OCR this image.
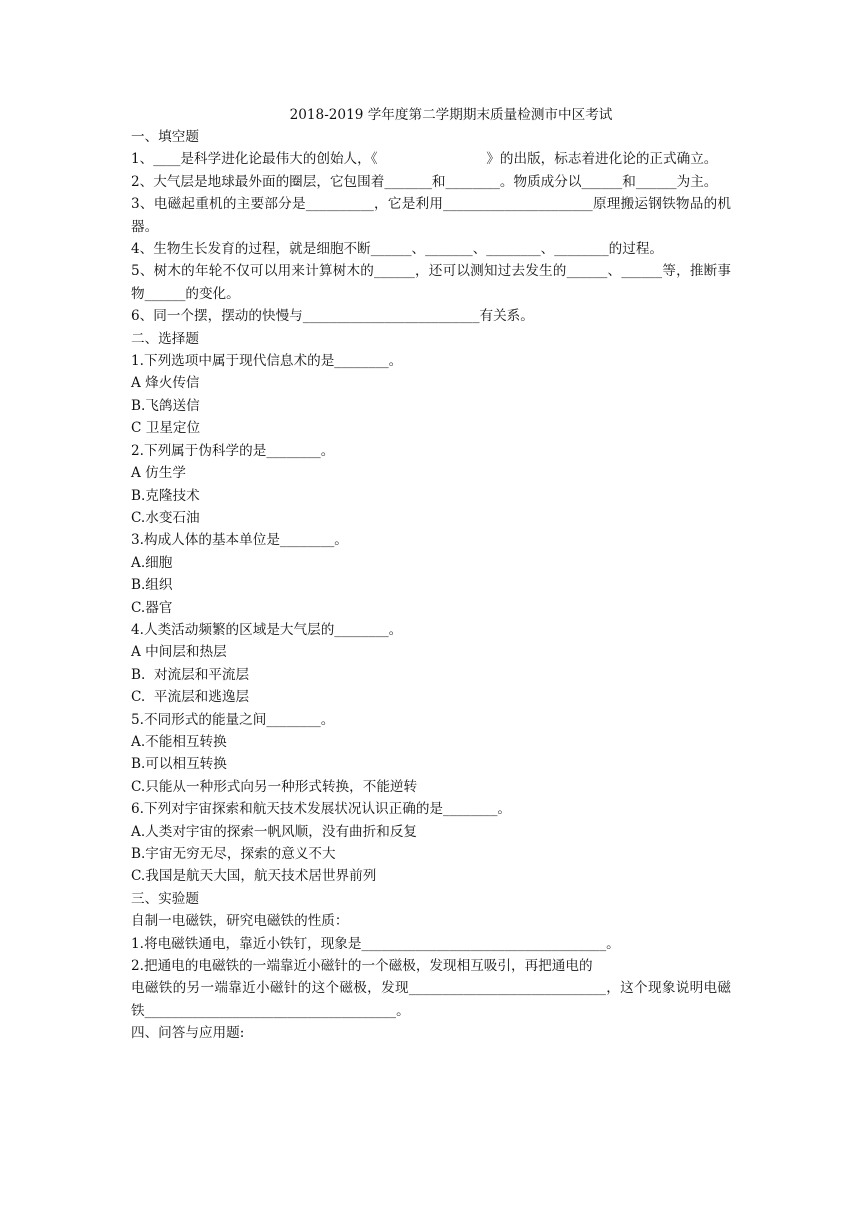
2018-2019 学年度第二学期期末质量检测市中区考试
一、填空题
1、____是科学进化论最伟大的创始人，《　　　　　　　　》的出版，标志着进化论的正式确立。
2、大气层是地球最外面的圈层，它包围着_______和________。物质成分以______和______为主。
3、电磁起重机的主要部分是__________，它是利用______________________原理搬运钢铁物品的机器。
4、生物生长发育的过程，就是细胞不断______、_______、________、________的过程。
5、树木的年轮不仅可以用来计算树木的______，还可以测知过去发生的______、______等，推断事物______的变化。
6、同一个摆，摆动的快慢与__________________________有关系。
二、选择题
1.下列选项中属于现代信息术的是________。
A 烽火传信
B.飞鸽送信
C 卫星定位
2.下列属于伪科学的是________。
A 仿生学
B.克隆技术
C.水变石油
3.构成人体的基本单位是________。
A.细胞
B.组织
C.器官
4.人类活动频繁的区域是大气层的________。
A 中间层和热层
B.  对流层和平流层
C.  平流层和逃逸层
5.不同形式的能量之间________。
A.不能相互转换
B.可以相互转换
C.只能从一种形式向另一种形式转换，不能逆转
6.下列对宇宙探索和航天技术发展状况认识正确的是________。
A.人类对宇宙的探索一帆风顺，没有曲折和反复
B.宇宙无穷无尽，探索的意义不大
C.我国是航天大国，航天技术居世界前列
三、实验题
自制一电磁铁，研究电磁铁的性质：
1.将电磁铁通电，靠近小铁钉，现象是____________________________________。
2.把通电的电磁铁的一端靠近小磁针的一个磁极，发现相互吸引，再把通电的
电磁铁的另一端靠近小磁针的这个磁极，发现_____________________________，这个现象说明电磁铁_____________________________________。
四、问答与应用题:
